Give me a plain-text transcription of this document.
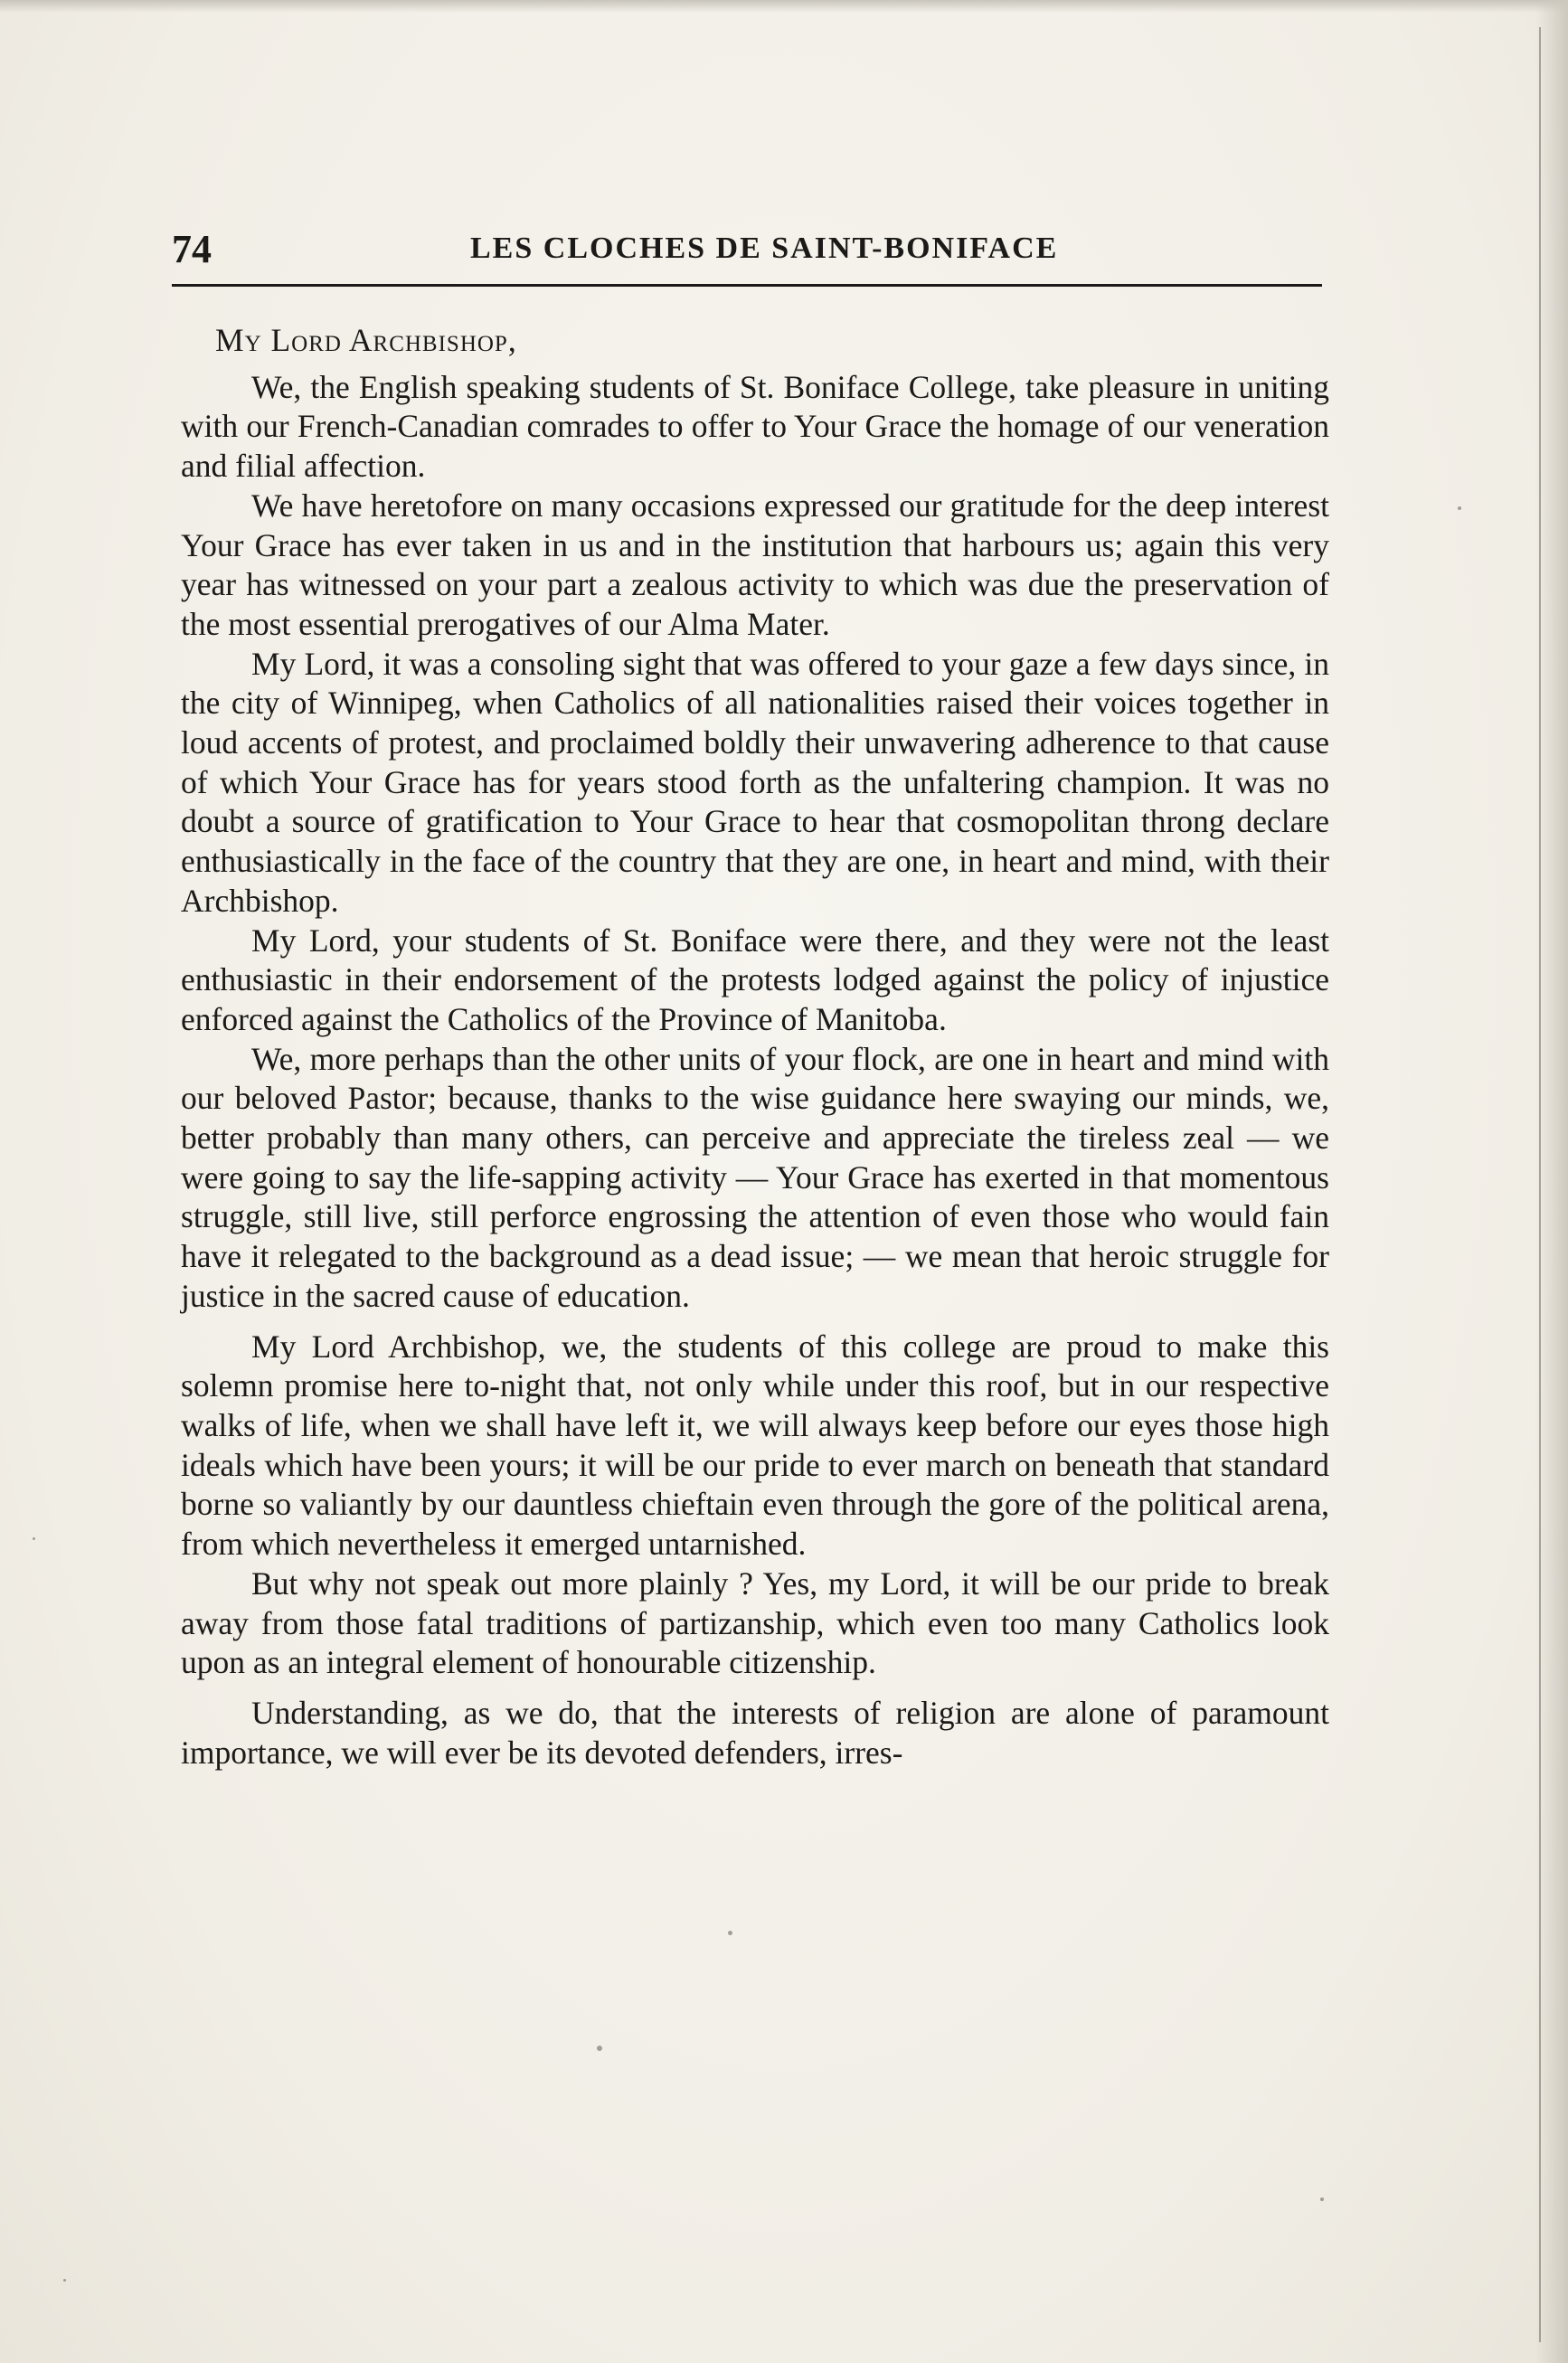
74	LES CLOCHES DE SAINT-BONIFACE

My Lord Archbishop,

We, the English speaking students of St. Boniface College, take pleasure in uniting with our French-Canadian comrades to offer to Your Grace the homage of our veneration and filial affection.

We have heretofore on many occasions expressed our gratitude for the deep interest Your Grace has ever taken in us and in the institution that harbours us; again this very year has witnessed on your part a zealous activity to which was due the preservation of the most essential prerogatives of our Alma Mater.

My Lord, it was a consoling sight that was offered to your gaze a few days since, in the city of Winnipeg, when Catholics of all nationalities raised their voices together in loud accents of protest, and proclaimed boldly their unwavering adherence to that cause of which Your Grace has for years stood forth as the unfaltering champion. It was no doubt a source of gratification to Your Grace to hear that cosmopolitan throng declare enthusiastically in the face of the country that they are one, in heart and mind, with their Archbishop.

My Lord, your students of St. Boniface were there, and they were not the least enthusiastic in their endorsement of the protests lodged against the policy of injustice enforced against the Catholics of the Province of Manitoba.

We, more perhaps than the other units of your flock, are one in heart and mind with our beloved Pastor; because, thanks to the wise guidance here swaying our minds, we, better probably than many others, can perceive and appreciate the tireless zeal — we were going to say the life-sapping activity — Your Grace has exerted in that momentous struggle, still live, still perforce engrossing the attention of even those who would fain have it relegated to the background as a dead issue; — we mean that heroic struggle for justice in the sacred cause of education.

My Lord Archbishop, we, the students of this college are proud to make this solemn promise here to-night that, not only while under this roof, but in our respective walks of life, when we shall have left it, we will always keep before our eyes those high ideals which have been yours; it will be our pride to ever march on beneath that standard borne so valiantly by our dauntless chieftain even through the gore of the political arena, from which nevertheless it emerged untarnished.

But why not speak out more plainly ? Yes, my Lord, it will be our pride to break away from those fatal traditions of partizanship, which even too many Catholics look upon as an integral element of honourable citizenship.

Understanding, as we do, that the interests of religion are alone of paramount importance, we will ever be its devoted defenders, irres-
